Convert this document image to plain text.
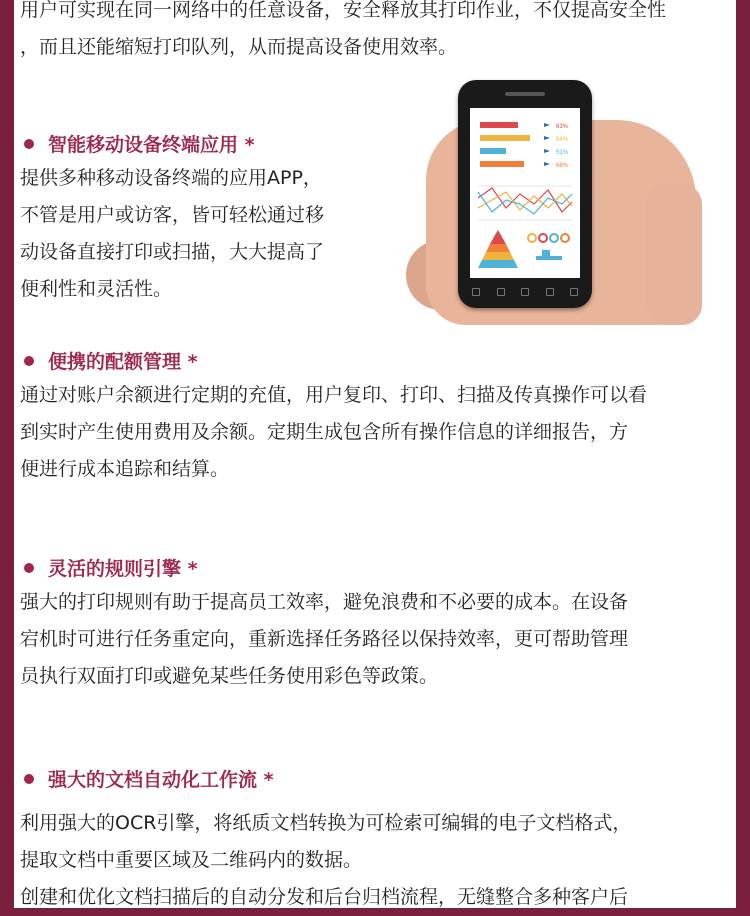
用户可实现在同一网络中的任意设备，安全释放其打印作业，不仅提高安全性
，而且还能缩短打印队列，从而提高设备使用效率。

智能移动设备终端应用 *

提供多种移动设备终端的应用APP，
不管是用户或访客，皆可轻松通过移
动设备直接打印或扫描，大大提高了
便利性和灵活性。

63%
54%
51%
68%
便携的配额管理 *

通过对账户余额进行定期的充值，用户复印、打印、扫描及传真操作可以看
到实时产生使用费用及余额。定期生成包含所有操作信息的详细报告，方
便进行成本追踪和结算。

灵活的规则引擎 *

强大的打印规则有助于提高员工效率，避免浪费和不必要的成本。在设备
宕机时可进行任务重定向，重新选择任务路径以保持效率，更可帮助管理
员执行双面打印或避免某些任务使用彩色等政策。

强大的文档自动化工作流 *

利用强大的OCR引擎，将纸质文档转换为可检索可编辑的电子文档格式，
提取文档中重要区域及二维码内的数据。
创建和优化文档扫描后的自动分发和后台归档流程，无缝整合多种客户后
